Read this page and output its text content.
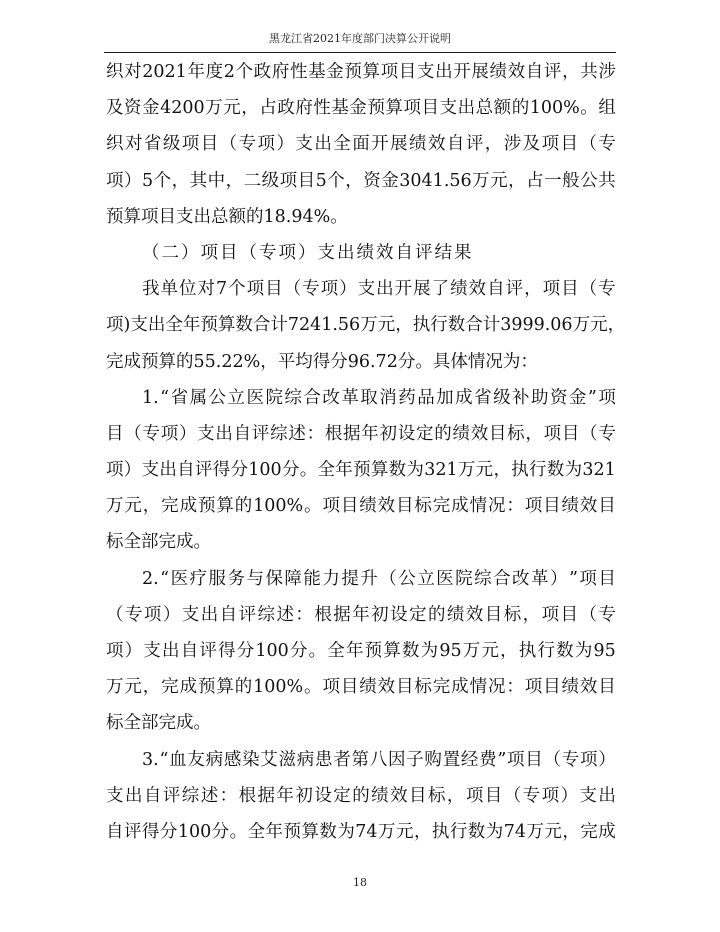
黑龙江省2021年度部门决算公开说明
织 对 2021 年 度 2 个 政 府 性 基 金 预 算 项 目 支 出 开 展 绩 效 自 评 ， 共 涉
及 资 金 4200 万 元 ， 占 政 府 性 基 金 预 算 项 目 支 出 总 额 的 100% 。 组
织 对 省 级 项 目 （ 专 项 ） 支 出 全 面 开 展 绩 效 自 评 ， 涉 及 项 目 （ 专
项 ） 5 个 ， 其 中 ， 二 级 项 目 5 个 ， 资 金 3041.56 万 元 ， 占 一 般 公 共
预算项目支出总额的18.94%。
（二）项目（专项）支出绩效自评结果
我 单 位 对 7 个 项 目 （ 专 项 ） 支 出 开 展 了 绩 效 自 评 ， 项 目 （ 专
项 ) 支 出 全 年 预 算 数 合 计 7241.56 万 元 ， 执 行 数 合 计 3999.06 万 元 ，
完成预算的55.22%，平均得分96.72分。具体情况为：
1. “ 省 属 公 立 医 院 综 合 改 革 取 消 药 品 加 成 省 级 补 助 资 金 ” 项
目 （ 专 项 ） 支 出 自 评 综 述 ： 根 据 年 初 设 定 的 绩 效 目 标 ， 项 目 （ 专
项 ） 支 出 自 评 得 分 100 分 。 全 年 预 算 数 为 321 万 元 ， 执 行 数 为 321
万 元 ， 完 成 预 算 的 100% 。 项 目 绩 效 目 标 完 成 情 况 ： 项 目 绩 效 目
标全部完成。
2. “ 医 疗 服 务 与 保 障 能 力 提 升 （ 公 立 医 院 综 合 改 革 ） ” 项 目
（ 专 项 ） 支 出 自 评 综 述 ： 根 据 年 初 设 定 的 绩 效 目 标 ， 项 目 （ 专
项 ） 支 出 自 评 得 分 100 分 。 全 年 预 算 数 为 95 万 元 ， 执 行 数 为 95
万 元 ， 完 成 预 算 的 100% 。 项 目 绩 效 目 标 完 成 情 况 ： 项 目 绩 效 目
标全部完成。
3. “ 血 友 病 感 染 艾 滋 病 患 者 第 八 因 子 购 置 经 费 ” 项 目 （ 专 项 ）
支 出 自 评 综 述 ： 根 据 年 初 设 定 的 绩 效 目 标 ， 项 目 （ 专 项 ） 支 出
自 评 得 分 100 分 。 全 年 预 算 数 为 74 万 元 ， 执 行 数 为 74 万 元 ， 完 成
18
